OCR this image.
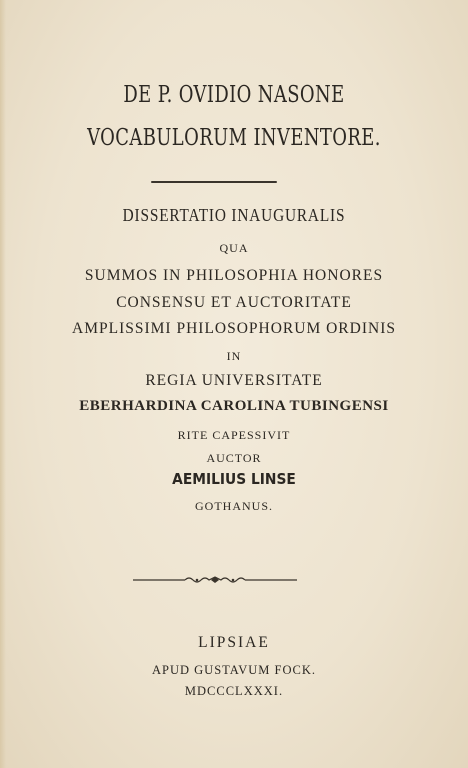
DE P. OVIDIO NASONE
VOCABULORUM INVENTORE.
DISSERTATIO INAUGURALIS
QUA
SUMMOS IN PHILOSOPHIA HONORES
CONSENSU ET AUCTORITATE
AMPLISSIMI PHILOSOPHORUM ORDINIS
IN
REGIA UNIVERSITATE
EBERHARDINA CAROLINA TUBINGENSI
RITE CAPESSIVIT
AUCTOR
AEMILIUS LINSE
GOTHANUS.
LIPSIAE
APUD GUSTAVUM FOCK.
MDCCCLXXXI.
